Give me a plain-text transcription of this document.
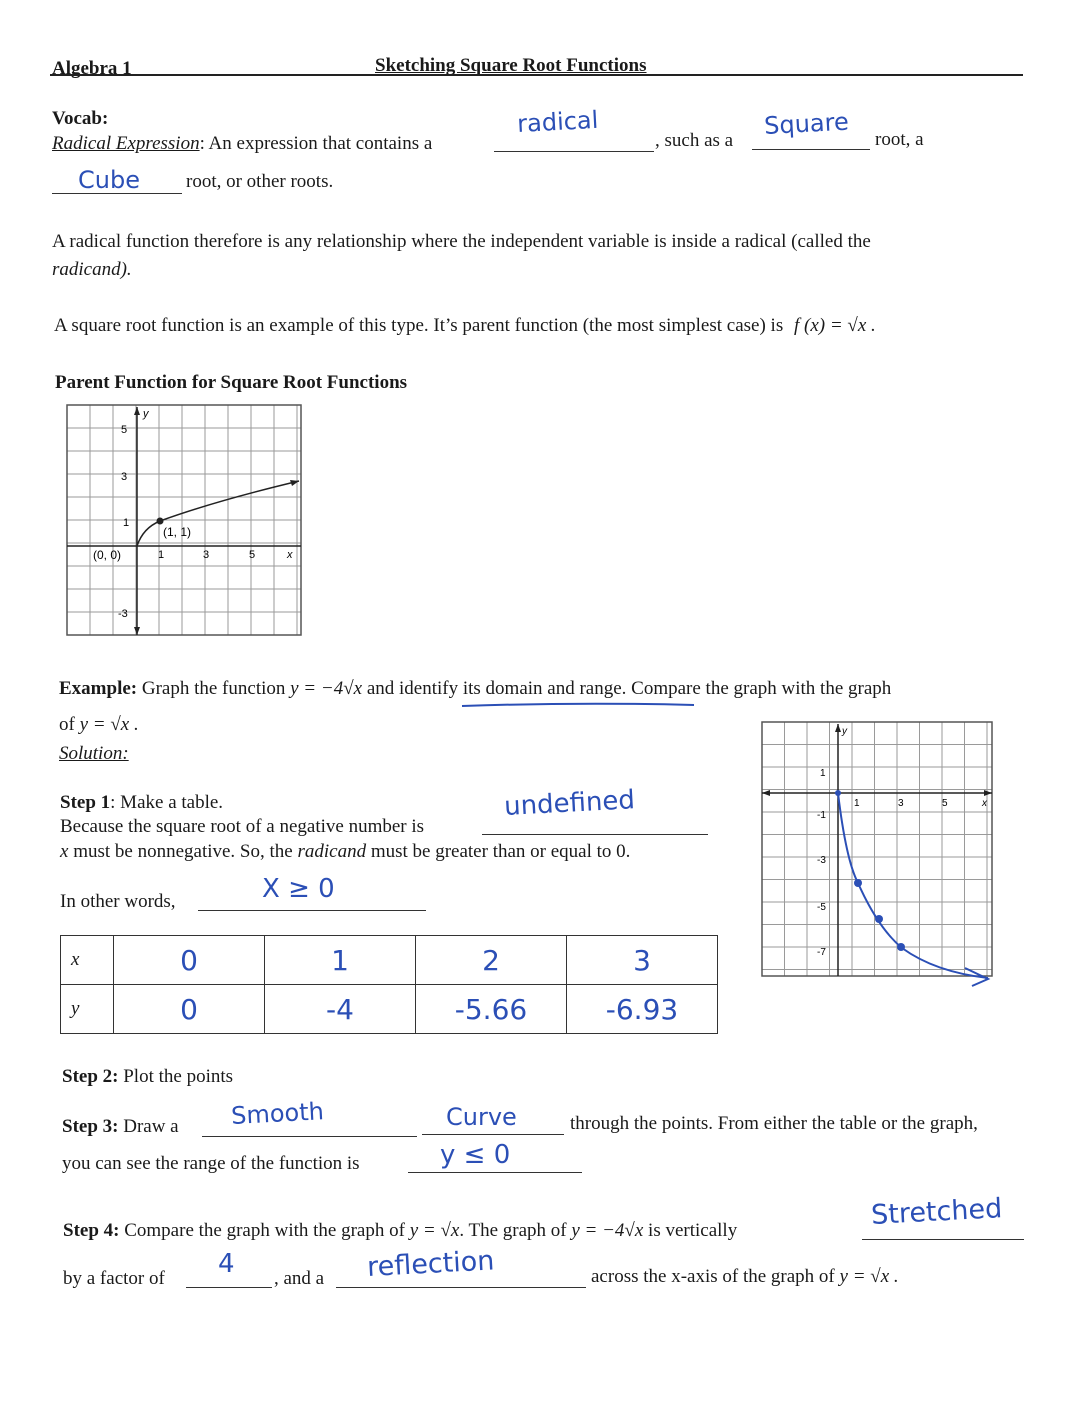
Algebra 1	Sketching Square Root Functions
Vocab:
Radical Expression: An expression that contains a
radical
, such as a
Square root, a
Cube root, or other roots.
A radical function therefore is any relationship where the independent variable is inside a radical (called the
radicand).
A square root function is an example of this type. It’s parent function (the most simplest case) is f (x) = √x .
Parent Function for Square Root Functions
y
x
5
3
1
-3
1	3	5
(0, 0)
(1, 1)
Example: Graph the function y = −4√x and identify its domain and range. Compare the graph with the graph
of y = √x .
Solution:
Step 1: Make a table.
Because the square root of a negative number is
undefined
x must be nonnegative. So, the radicand must be greater than or equal to 0.
In other words,	X ≥ 0
x	0	1	2	3
y	0	-4	-5.66	-6.93
y
x
1
-1
-3
-5
-7
1	3	5
Step 2: Plot the points
Step 3: Draw a Smooth	Curve	through the points. From either the table or the graph,
you can see the range of the function is	y ≤ 0
Step 4: Compare the graph with the graph of y = √x. The graph of y = −4√x is vertically	Stretched
by a factor of 4 , and a reflection	across the x-axis of the graph of y = √x .
